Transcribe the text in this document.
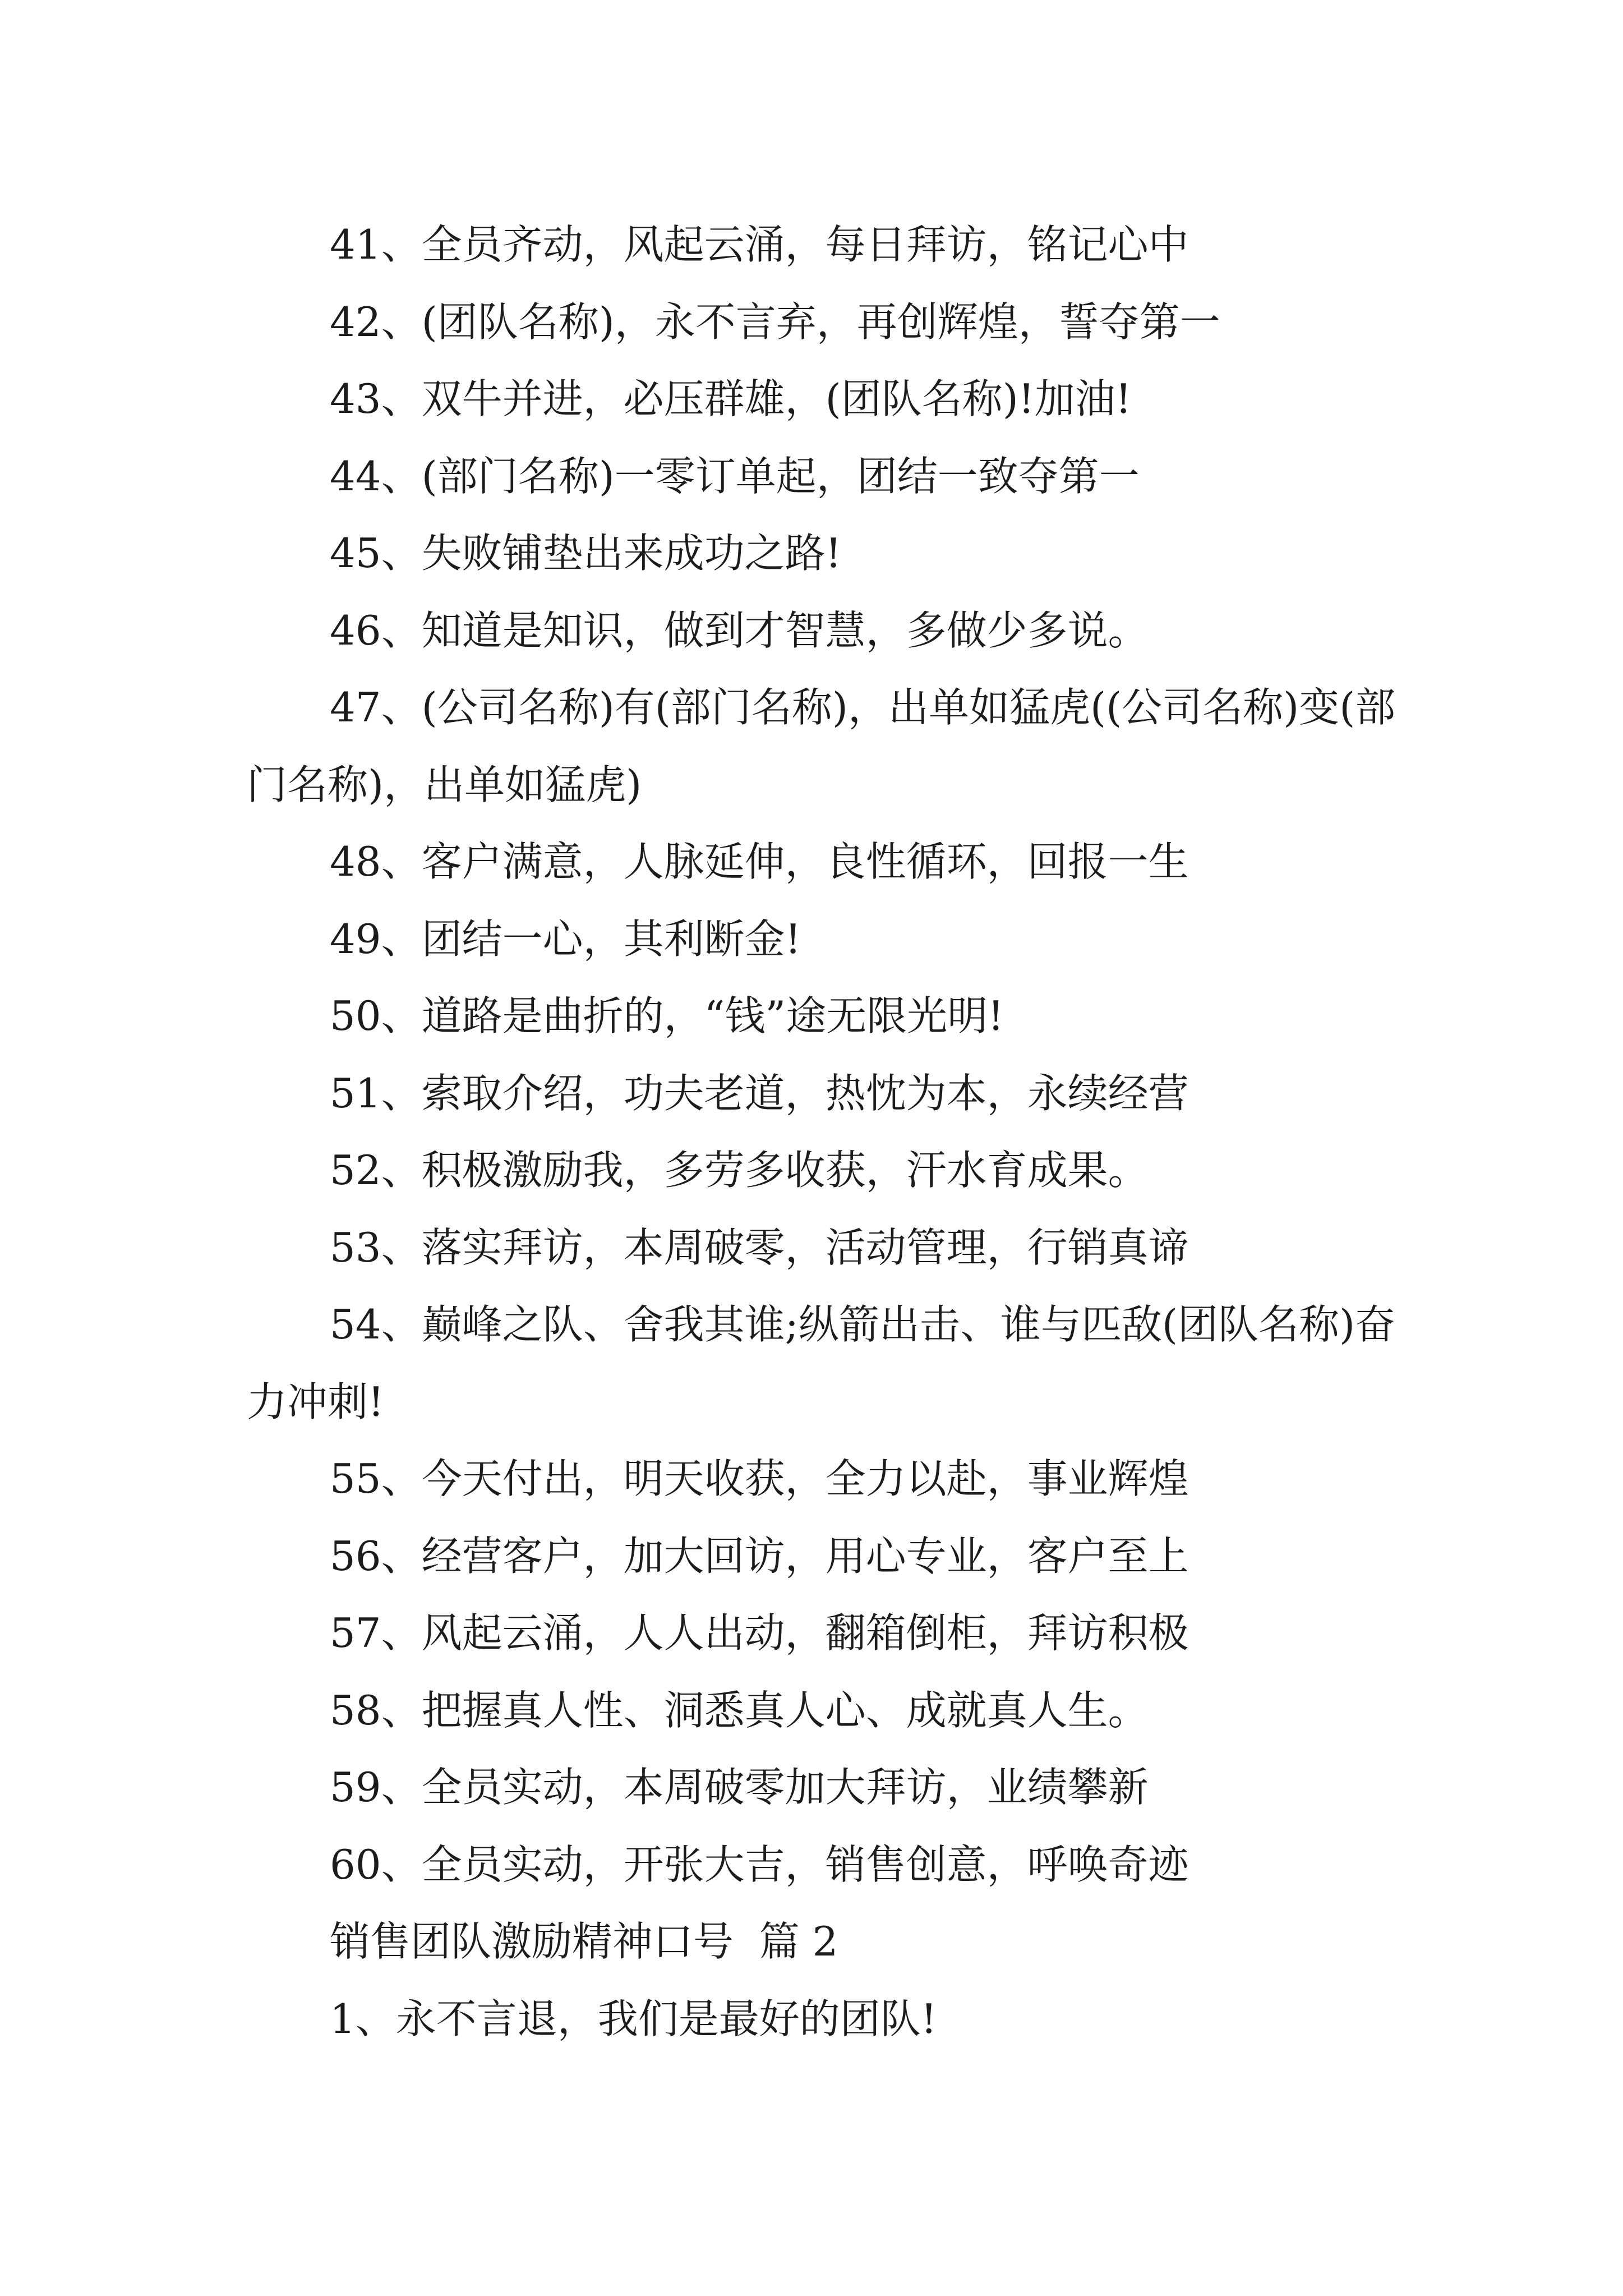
41、全员齐动，风起云涌，每日拜访，铭记心中

42、(团队名称)，永不言弃，再创辉煌，誓夺第一

43、双牛并进，必压群雄，(团队名称)!加油!

44、(部门名称)一零订单起，团结一致夺第一

45、失败铺垫出来成功之路!

46、知道是知识，做到才智慧，多做少多说。

47、(公司名称)有(部门名称)，出单如猛虎((公司名称)变(部门名称)，出单如猛虎)

48、客户满意，人脉延伸，良性循环，回报一生

49、团结一心，其利断金!

50、道路是曲折的，“钱”途无限光明!

51、索取介绍，功夫老道，热忱为本，永续经营

52、积极激励我，多劳多收获，汗水育成果。

53、落实拜访，本周破零，活动管理，行销真谛

54、巅峰之队、舍我其谁;纵箭出击、谁与匹敌(团队名称)奋力冲刺!

55、今天付出，明天收获，全力以赴，事业辉煌

56、经营客户，加大回访，用心专业，客户至上

57、风起云涌，人人出动，翻箱倒柜，拜访积极

58、把握真人性、洞悉真人心、成就真人生。

59、全员实动，本周破零加大拜访，业绩攀新

60、全员实动，开张大吉，销售创意，呼唤奇迹

销售团队激励精神口号  篇 2

1、永不言退，我们是最好的团队!
